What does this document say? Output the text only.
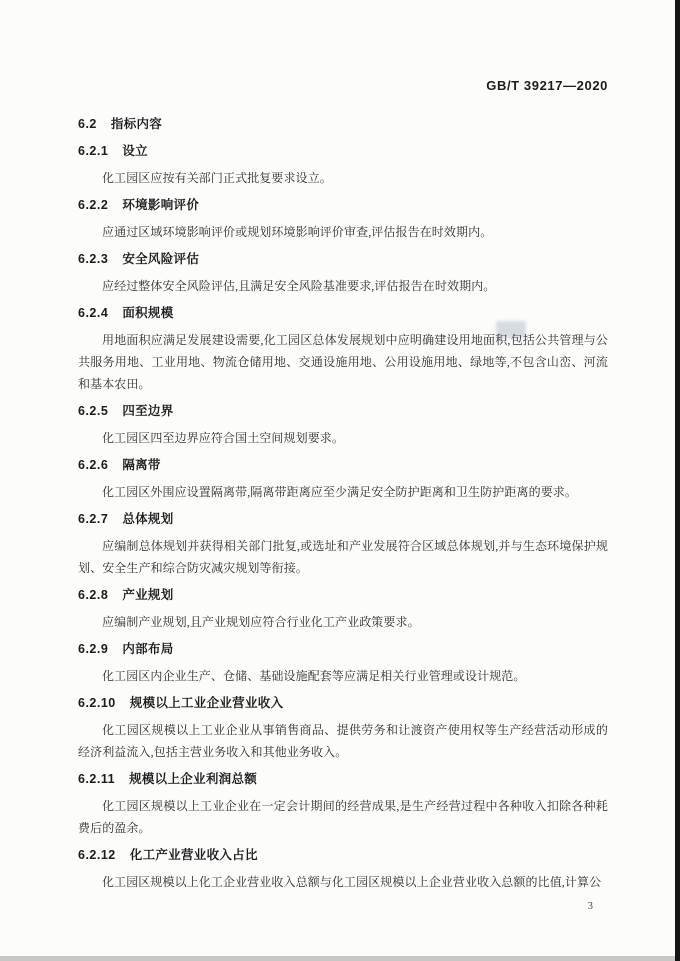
GB/T 39217—2020
6.2 指标内容
6.2.1 设立

化工园区应按有关部门正式批复要求设立。

6.2.2 环境影响评价

应通过区域环境影响评价或规划环境影响评价审查,评估报告在时效期内。

6.2.3 安全风险评估

应经过整体安全风险评估,且满足安全风险基准要求,评估报告在时效期内。

6.2.4 面积规模

用地面积应满足发展建设需要,化工园区总体发展规划中应明确建设用地面积,包括公共管理与公共服务用地、工业用地、物流仓储用地、交通设施用地、公用设施用地、绿地等,不包含山峦、河流和基本农田。

6.2.5 四至边界

化工园区四至边界应符合国土空间规划要求。

6.2.6 隔离带

化工园区外围应设置隔离带,隔离带距离应至少满足安全防护距离和卫生防护距离的要求。

6.2.7 总体规划

应编制总体规划并获得相关部门批复,或选址和产业发展符合区域总体规划,并与生态环境保护规划、安全生产和综合防灾减灾规划等衔接。

6.2.8 产业规划

应编制产业规划,且产业规划应符合行业化工产业政策要求。

6.2.9 内部布局

化工园区内企业生产、仓储、基础设施配套等应满足相关行业管理或设计规范。

6.2.10 规模以上工业企业营业收入

化工园区规模以上工业企业从事销售商品、提供劳务和让渡资产使用权等生产经营活动形成的经济利益流入,包括主营业务收入和其他业务收入。

6.2.11 规模以上企业利润总额

化工园区规模以上工业企业在一定会计期间的经营成果,是生产经营过程中各种收入扣除各种耗费后的盈余。

6.2.12 化工产业营业收入占比

化工园区规模以上化工企业营业收入总额与化工园区规模以上企业营业收入总额的比值,计算公

3
